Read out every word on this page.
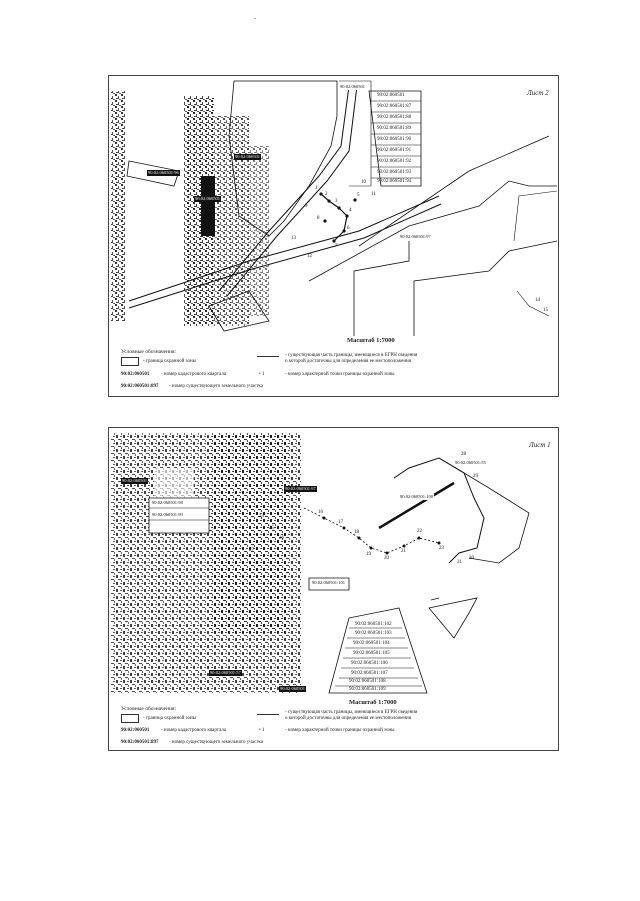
.
Лист 2
90:02:060501
90:02:060501
90:02:060501:96
90:02:060501
90:02:060501:97
90:02:060501
90:02:060501:87
90:02:060501:88
90:02:060501:89
90:02:060501:90
90:02:060501:91
90:02:060501:92
90:02:060501:93
90:02:060501:94
1
2
3
4
5
6
7
8
9
10
11
12
13
14
15
Масштаб 1:7000
Условные обозначения:
- граница охранной зоны
90:02:060501 - номер кадастрового квартала
90:02:060501:897 - номер существующего земельного участка
- существующая часть границы, имеющиеся в ЕГРН сведения
о которой достаточны для определения ее местоположения
• 1	- номер характерной точки границы охранной зоны
Лист 1
90:02:060501
90:02:060501:97
90:02:060501:98
90:02:060501:99
90:02:060501:100
90:02:060501:101
90:02:060501:55
90:02:060501:57
90:02:060501
90:02:060501:102
90:02:060501:103
90:02:060501:104
90:02:060501:105
90:02:060501:106
90:02:060501:107
90:02:060501:108
90:02:060501:109
16
17
18
19
20
21
22
23
24
25
26
27
28
29
30
31
Масштаб 1:7000
Условные обозначения:
- граница охранной зоны
90:02:060501 - номер кадастрового квартала
90:02:060501:897 - номер существующего земельного участка
- существующая часть границы, имеющиеся в ЕГРН сведения
о которой достаточны для определения ее местоположения
• 1	- номер характерной точки границы охранной зоны
